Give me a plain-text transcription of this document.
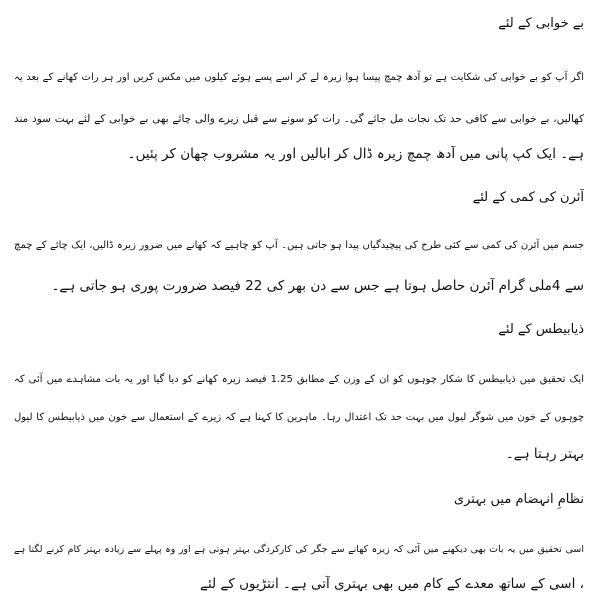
بے خوابی کے لئے
اگر آپ کو بے خوابی کی شکایت ہے تو آدھ چمچ پیسا ہوا زیرہ لے کر اسے پسے ہوئے کیلوں میں مکس کریں اور ہر رات کھانے کے بعد یہ
کھالیں، بے خوابی سے کافی حد تک نجات مل جائے گی۔ رات کو سونے سے قبل زیرے والی چائے بھی بے خوابی کے لئے بہت سود مند
ہے۔ ایک کپ پانی میں آدھ چمچ زیرہ ڈال کر ابالیں اور یہ مشروب چھان کر پئیں۔
آئرن کی کمی کے لئے
جسم میں آئرن کی کمی سے کئی طرح کی پیچیدگیاں پیدا ہو جاتی ہیں۔ آپ کو چاہیے کہ کھانے میں ضرور زیرہ ڈالیں، ایک چائے کے چمچ
سے 4ملی گرام آئرن حاصل ہوتا ہے جس سے دن بھر کی 22 فیصد ضرورت پوری ہو جاتی ہے۔
ذیابیطس کے لئے
ایک تحقیق میں ذیابیطس کا شکار چوہوں کو ان کے وزن کے مطابق 1.25 فیصد زیرہ کھانے کو دیا گیا اور یہ بات مشاہدے میں آئی کہ
چوہوں کے خون میں شوگر لیول میں بہت حد تک اعتدال رہا۔ ماہرین کا کہنا ہے کہ زیرے کے استعمال سے خون میں ذیابیطس کا لیول
بہتر رہتا ہے۔
نظامِ انہضام میں بہتری
اسی تحقیق میں یہ بات بھی دیکھنے میں آئی کہ زیرہ کھانے سے جگر کی کارکردگی بہتر ہوتی ہے اور وہ پہلے سے زیادہ بہتر کام کرنے لگتا ہے
، اسی کے ساتھ معدے کے کام میں بھی بہتری آتی ہے۔ انتڑیوں کے لئے
